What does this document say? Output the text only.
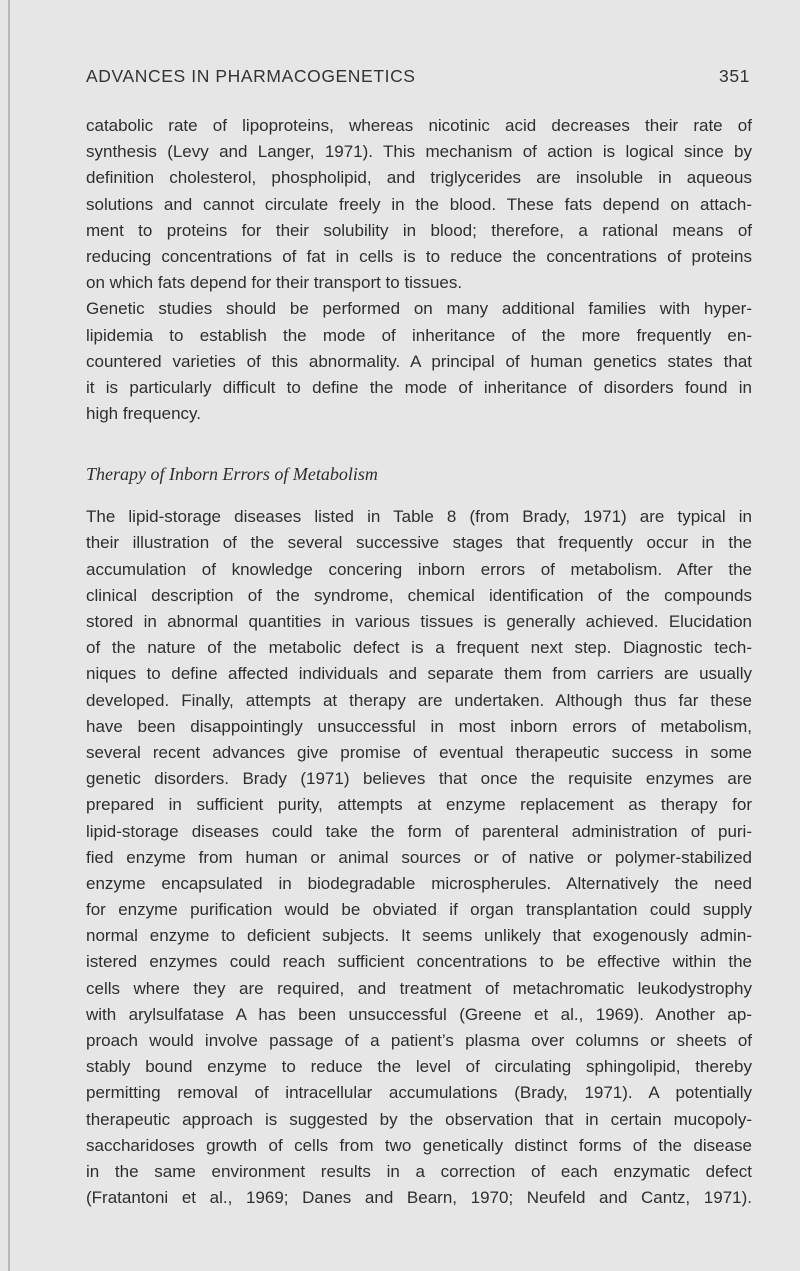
ADVANCES IN PHARMACOGENETICS	351
catabolic rate of lipoproteins, whereas nicotinic acid decreases their rate of
synthesis (Levy and Langer, 1971). This mechanism of action is logical since by
definition cholesterol, phospholipid, and triglycerides are insoluble in aqueous
solutions and cannot circulate freely in the blood. These fats depend on attach-
ment to proteins for their solubility in blood; therefore, a rational means of
reducing concentrations of fat in cells is to reduce the concentrations of proteins
on which fats depend for their transport to tissues.
Genetic studies should be performed on many additional families with hyper-
lipidemia to establish the mode of inheritance of the more frequently en-
countered varieties of this abnormality. A principal of human genetics states that
it is particularly difficult to define the mode of inheritance of disorders found in
high frequency.
Therapy of Inborn Errors of Metabolism
The lipid-storage diseases listed in Table 8 (from Brady, 1971) are typical in
their illustration of the several successive stages that frequently occur in the
accumulation of knowledge concering inborn errors of metabolism. After the
clinical description of the syndrome, chemical identification of the compounds
stored in abnormal quantities in various tissues is generally achieved. Elucidation
of the nature of the metabolic defect is a frequent next step. Diagnostic tech-
niques to define affected individuals and separate them from carriers are usually
developed. Finally, attempts at therapy are undertaken. Although thus far these
have been disappointingly unsuccessful in most inborn errors of metabolism,
several recent advances give promise of eventual therapeutic success in some
genetic disorders. Brady (1971) believes that once the requisite enzymes are
prepared in sufficient purity, attempts at enzyme replacement as therapy for
lipid-storage diseases could take the form of parenteral administration of puri-
fied enzyme from human or animal sources or of native or polymer-stabilized
enzyme encapsulated in biodegradable microspherules. Alternatively the need
for enzyme purification would be obviated if organ transplantation could supply
normal enzyme to deficient subjects. It seems unlikely that exogenously admin-
istered enzymes could reach sufficient concentrations to be effective within the
cells where they are required, and treatment of metachromatic leukodystrophy
with arylsulfatase A has been unsuccessful (Greene et al., 1969). Another ap-
proach would involve passage of a patient’s plasma over columns or sheets of
stably bound enzyme to reduce the level of circulating sphingolipid, thereby
permitting removal of intracellular accumulations (Brady, 1971). A potentially
therapeutic approach is suggested by the observation that in certain mucopoly-
saccharidoses growth of cells from two genetically distinct forms of the disease
in the same environment results in a correction of each enzymatic defect
(Fratantoni et al., 1969; Danes and Bearn, 1970; Neufeld and Cantz, 1971).
